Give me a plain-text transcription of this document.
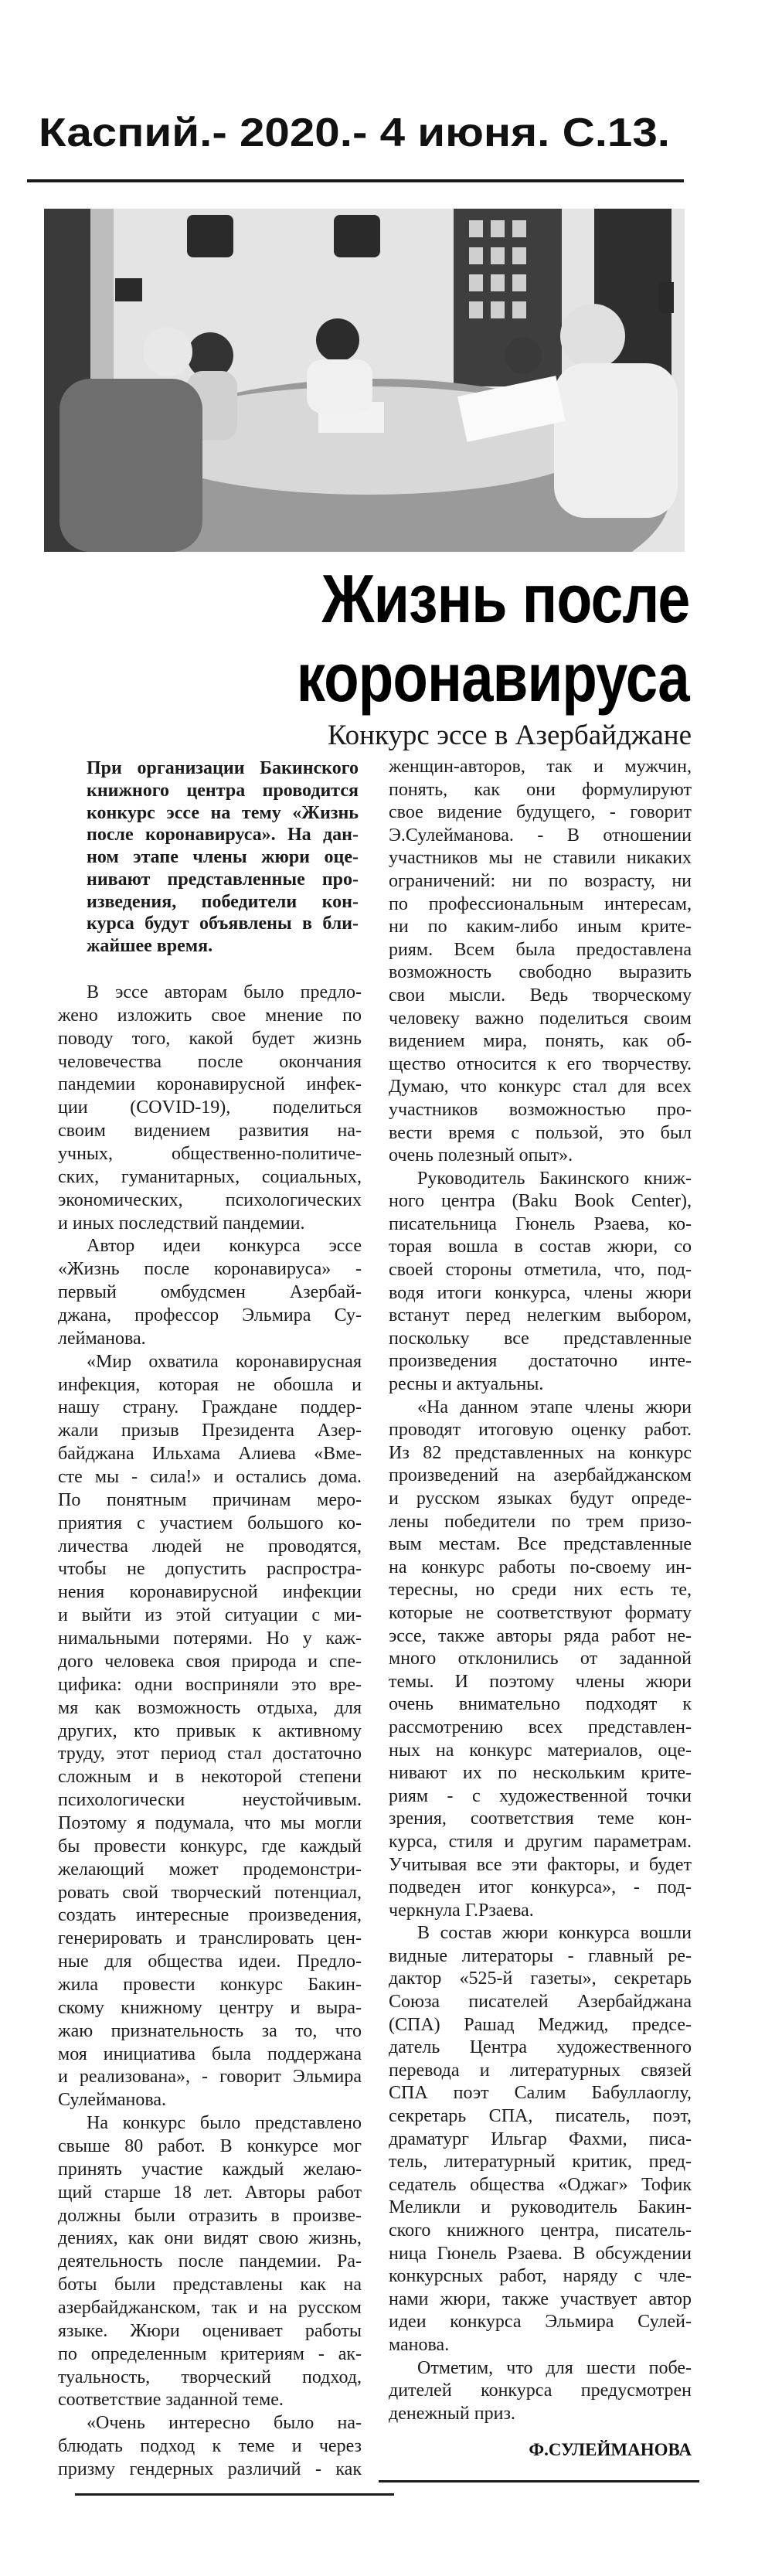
Каспий.- 2020.- 4 июня. С.13.
Жизнь после
коронавируса
Конкурс эссе в Азербайджане
При организации Бакинского
книжного центра проводится
конкурс эссе на тему «Жизнь
после коронавируса». На дан-
ном этапе члены жюри оце-
нивают представленные про-
изведения, победители кон-
курса будут объявлены в бли-
жайшее время.
В эссе авторам было предло-
жено изложить свое мнение по
поводу того, какой будет жизнь
человечества после окончания
пандемии коронавирусной инфек-
ции (COVID-19), поделиться
своим видением развития на-
учных, общественно-политиче-
ских, гуманитарных, социальных,
экономических, психологических
и иных последствий пандемии.
Автор идеи конкурса эссе
«Жизнь после коронавируса» -
первый омбудсмен Азербай-
джана, профессор Эльмира Су-
лейманова.
«Мир охватила коронавирусная
инфекция, которая не обошла и
нашу страну. Граждане поддер-
жали призыв Президента Азер-
байджана Ильхама Алиева «Вме-
сте мы - сила!» и остались дома.
По понятным причинам меро-
приятия с участием большого ко-
личества людей не проводятся,
чтобы не допустить распростра-
нения коронавирусной инфекции
и выйти из этой ситуации с ми-
нимальными потерями. Но у каж-
дого человека своя природа и спе-
цифика: одни восприняли это вре-
мя как возможность отдыха, для
других, кто привык к активному
труду, этот период стал достаточно
сложным и в некоторой степени
психологически неустойчивым.
Поэтому я подумала, что мы могли
бы провести конкурс, где каждый
желающий может продемонстри-
ровать свой творческий потенциал,
создать интересные произведения,
генерировать и транслировать цен-
ные для общества идеи. Предло-
жила провести конкурс Бакин-
скому книжному центру и выра-
жаю признательность за то, что
моя инициатива была поддержана
и реализована», - говорит Эльмира
Сулейманова.
На конкурс было представлено
свыше 80 работ. В конкурсе мог
принять участие каждый желаю-
щий старше 18 лет. Авторы работ
должны были отразить в произве-
дениях, как они видят свою жизнь,
деятельность после пандемии. Ра-
боты были представлены как на
азербайджанском, так и на русском
языке. Жюри оценивает работы
по определенным критериям - ак-
туальность, творческий подход,
соответствие заданной теме.
«Очень интересно было на-
блюдать подход к теме и через
призму гендерных различий - как
женщин-авторов, так и мужчин,
понять, как они формулируют
свое видение будущего, - говорит
Э.Сулейманова. - В отношении
участников мы не ставили никаких
ограничений: ни по возрасту, ни
по профессиональным интересам,
ни по каким-либо иным крите-
риям. Всем была предоставлена
возможность свободно выразить
свои мысли. Ведь творческому
человеку важно поделиться своим
видением мира, понять, как об-
щество относится к его творчеству.
Думаю, что конкурс стал для всех
участников возможностью про-
вести время с пользой, это был
очень полезный опыт».
Руководитель Бакинского книж-
ного центра (Baku Book Center),
писательница Гюнель Рзаева, ко-
торая вошла в состав жюри, со
своей стороны отметила, что, под-
водя итоги конкурса, члены жюри
встанут перед нелегким выбором,
поскольку все представленные
произведения достаточно инте-
ресны и актуальны.
«На данном этапе члены жюри
проводят итоговую оценку работ.
Из 82 представленных на конкурс
произведений на азербайджанском
и русском языках будут опреде-
лены победители по трем призо-
вым местам. Все представленные
на конкурс работы по-своему ин-
тересны, но среди них есть те,
которые не соответствуют формату
эссе, также авторы ряда работ не-
много отклонились от заданной
темы. И поэтому члены жюри
очень внимательно подходят к
рассмотрению всех представлен-
ных на конкурс материалов, оце-
нивают их по нескольким крите-
риям - с художественной точки
зрения, соответствия теме кон-
курса, стиля и другим параметрам.
Учитывая все эти факторы, и будет
подведен итог конкурса», - под-
черкнула Г.Рзаева.
В состав жюри конкурса вошли
видные литераторы - главный ре-
дактор «525-й газеты», секретарь
Союза писателей Азербайджана
(СПА) Рашад Меджид, предсе-
датель Центра художественного
перевода и литературных связей
СПА поэт Салим Бабуллаоглу,
секретарь СПА, писатель, поэт,
драматург Ильгар Фахми, писа-
тель, литературный критик, пред-
седатель общества «Оджаг» Тофик
Меликли и руководитель Бакин-
ского книжного центра, писатель-
ница Гюнель Рзаева. В обсуждении
конкурсных работ, наряду с чле-
нами жюри, также участвует автор
идеи конкурса Эльмира Сулей-
манова.
Отметим, что для шести побе-
дителей конкурса предусмотрен
денежный приз.
Ф.СУЛЕЙМАНОВА
